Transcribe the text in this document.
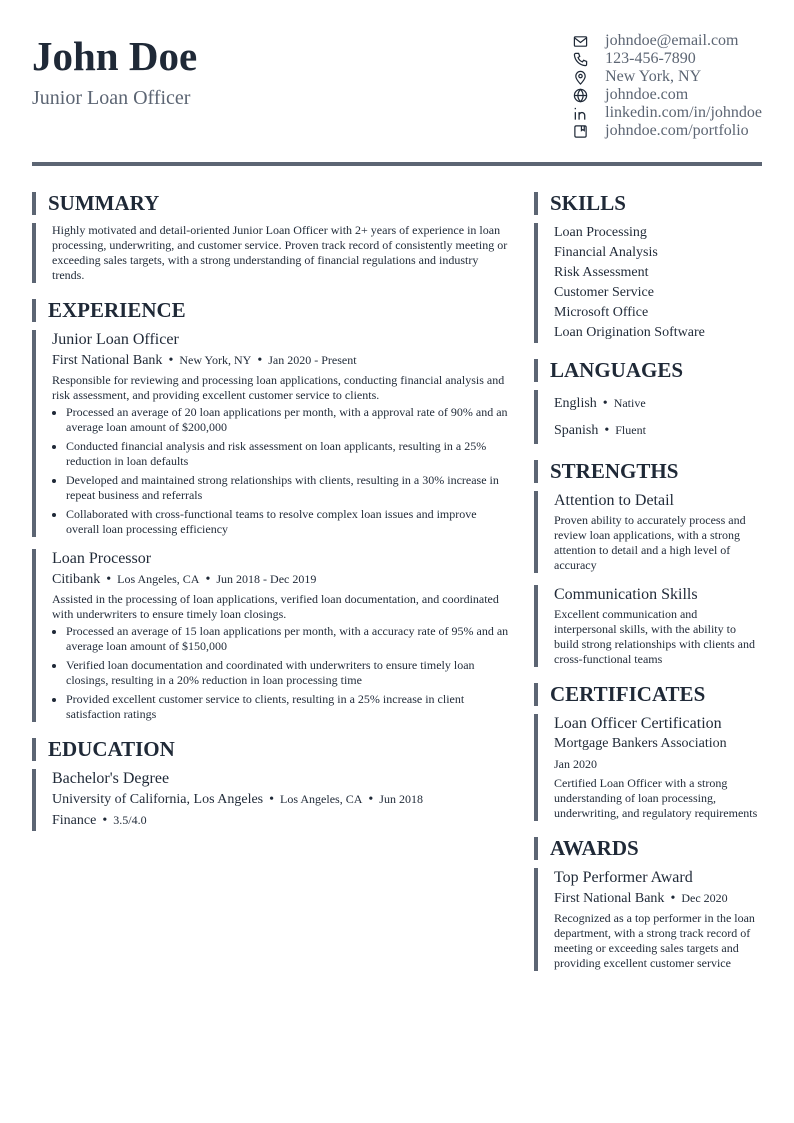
John Doe
Junior Loan Officer
johndoe@email.com
123-456-7890
New York, NY
johndoe.com
linkedin.com/in/johndoe
johndoe.com/portfolio
SUMMARY
Highly motivated and detail-oriented Junior Loan Officer with 2+ years of experience in loan processing, underwriting, and customer service. Proven track record of consistently meeting or exceeding sales targets, with a strong understanding of financial regulations and industry trends.
EXPERIENCE
Junior Loan Officer
First National Bank • New York, NY • Jan 2020 - Present
Responsible for reviewing and processing loan applications, conducting financial analysis and risk assessment, and providing excellent customer service to clients.
• Processed an average of 20 loan applications per month, with a approval rate of 90% and an average loan amount of $200,000
• Conducted financial analysis and risk assessment on loan applicants, resulting in a 25% reduction in loan defaults
• Developed and maintained strong relationships with clients, resulting in a 30% increase in repeat business and referrals
• Collaborated with cross-functional teams to resolve complex loan issues and improve overall loan processing efficiency
Loan Processor
Citibank • Los Angeles, CA • Jun 2018 - Dec 2019
Assisted in the processing of loan applications, verified loan documentation, and coordinated with underwriters to ensure timely loan closings.
• Processed an average of 15 loan applications per month, with a accuracy rate of 95% and an average loan amount of $150,000
• Verified loan documentation and coordinated with underwriters to ensure timely loan closings, resulting in a 20% reduction in loan processing time
• Provided excellent customer service to clients, resulting in a 25% increase in client satisfaction ratings
EDUCATION
Bachelor's Degree
University of California, Los Angeles • Los Angeles, CA • Jun 2018
Finance • 3.5/4.0
SKILLS
Loan Processing
Financial Analysis
Risk Assessment
Customer Service
Microsoft Office
Loan Origination Software
LANGUAGES
English • Native
Spanish • Fluent
STRENGTHS
Attention to Detail
Proven ability to accurately process and review loan applications, with a strong attention to detail and a high level of accuracy
Communication Skills
Excellent communication and interpersonal skills, with the ability to build strong relationships with clients and cross-functional teams
CERTIFICATES
Loan Officer Certification
Mortgage Bankers Association
Jan 2020
Certified Loan Officer with a strong understanding of loan processing, underwriting, and regulatory requirements
AWARDS
Top Performer Award
First National Bank • Dec 2020
Recognized as a top performer in the loan department, with a strong track record of meeting or exceeding sales targets and providing excellent customer service
